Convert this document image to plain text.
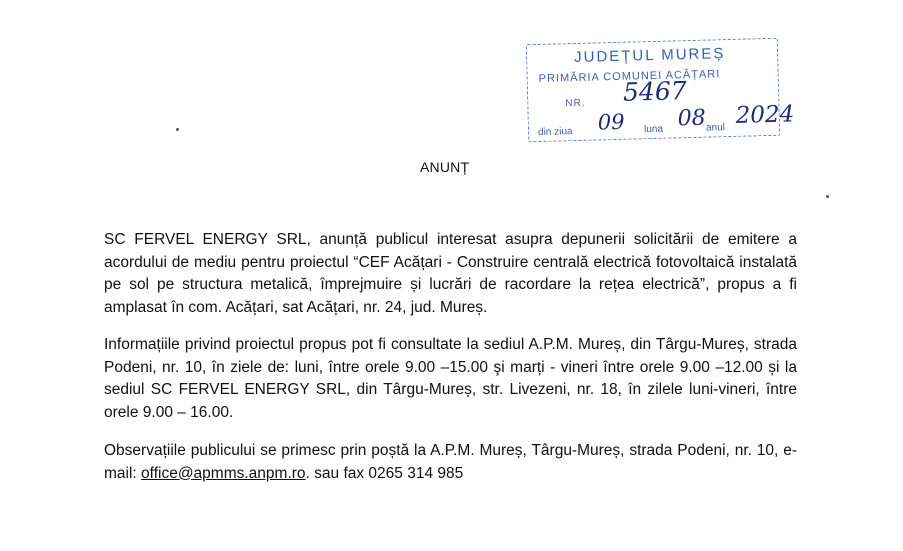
JUDEȚUL MUREȘ
PRIMĂRIA COMUNEI ACĂȚARI
NR.
din ziua	luna	anul
5467
09 08 2024
ANUNȚ

SC FERVEL ENERGY SRL, anunță publicul interesat asupra depunerii solicitării de emitere a acordului de mediu pentru proiectul “CEF Acățari - Construire centrală electrică fotovoltaică instalată pe sol pe structura metalică, împrejmuire și lucrări de racordare la rețea electrică”, propus a fi amplasat în com. Acățari, sat Acățari, nr. 24, jud. Mureș.

Informațiile privind proiectul propus pot fi consultate la sediul A.P.M. Mureș, din Târgu-Mureș, strada Podeni, nr. 10, în ziele de: luni, între orele 9.00 –15.00 şi marți - vineri între orele 9.00 –12.00 și la sediul SC FERVEL ENERGY SRL, din Târgu-Mureș, str. Livezeni, nr. 18, în zilele luni-vineri, între orele 9.00 – 16.00.

Observațiile publicului se primesc prin poștă la A.P.M. Mureș, Târgu-Mureș, strada Podeni, nr. 10, e-mail: office@apmms.anpm.ro. sau fax 0265 314 985
